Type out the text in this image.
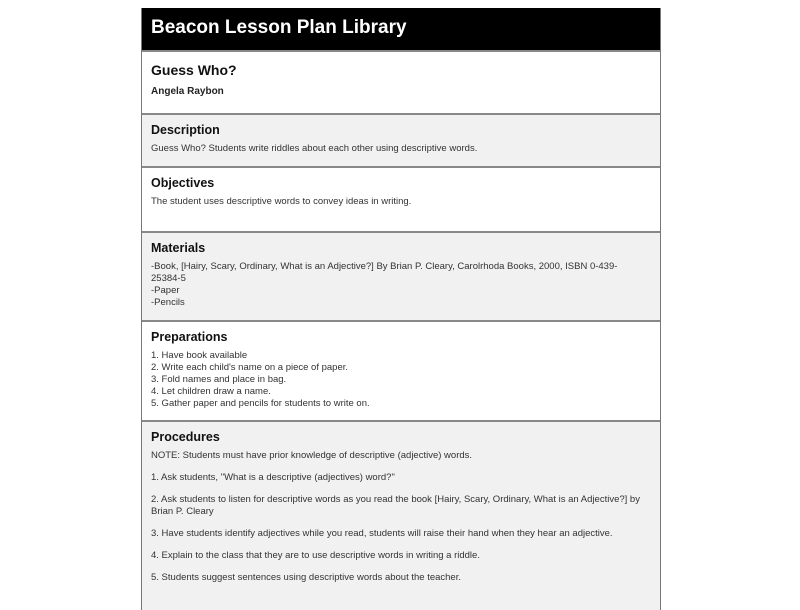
Beacon Lesson Plan Library
Guess Who?
Angela Raybon
Description
Guess Who? Students write riddles about each other using descriptive words.
Objectives
The student uses descriptive words to convey ideas in writing.
Materials
-Book, [Hairy, Scary, Ordinary, What is an Adjective?] By Brian P. Cleary, Carolrhoda Books, 2000, ISBN 0-439-
25384-5
-Paper
-Pencils
Preparations
1. Have book available
2. Write each child's name on a piece of paper.
3. Fold names and place in bag.
4. Let children draw a name.
5. Gather paper and pencils for students to write on.
Procedures

NOTE: Students must have prior knowledge of descriptive (adjective) words.

1. Ask students, "What is a descriptive (adjectives) word?"

2. Ask students to listen for descriptive words as you read the book [Hairy, Scary, Ordinary, What is an Adjective?] by Brian P. Cleary

3. Have students identify adjectives while you read, students will raise their hand when they hear an adjective.

4. Explain to the class that they are to use descriptive words in writing a riddle.

5. Students suggest sentences using descriptive words about the teacher.
